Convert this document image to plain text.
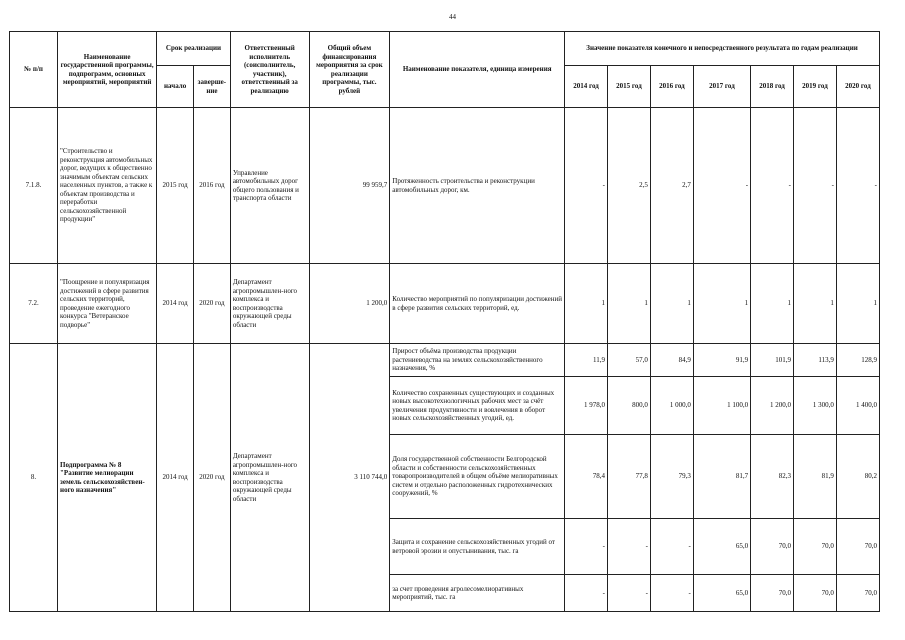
44
№ п/п	Наименование государственной программы, подпрограмм, основных мероприятий, мероприятий	Срок реализации		Ответственный исполнитель (соисполнитель, участник), ответственный за реализацию	Общий объем финансирования мероприятия за срок реализации программы, тыс. рублей	Наименование показателя, единица измерения	Значение показателя конечного и непосредственного результата по годам реализации						
		начало	заверше-ние				2014 год	2015 год	2016 год	2017 год	2018 год	2019 год	2020 год
7.1.8.	"Строительство и реконструкция автомобильных дорог, ведущих к общественно значимым объектам сельских населенных пунктов, а также к объектам производства и переработки сельскохозяйственной продукции"	2015 год	2016 год	Управление автомобильных дорог общего пользования и транспорта области	99 959,7	Протяженность строительства и реконструкции автомобильных дорог, км.	-	2,5	2,7	-	-	-	-
7.2.	"Поощрение и популяризация достижений в сфере развития сельских территорий, проведение ежегодного конкурса "Ветеранское подворье"	2014 год	2020 год	Департамент агропромышлен-ного комплекса и воспроизводства окружающей среды области	1 200,0	Количество мероприятий по популяризации достижений в сфере развития сельских территорий, ед.	1	1	1	1	1	1	1
8.	Подпрограмма № 8 "Развитие мелиорации земель сельскохозяйствен-ного назначения"	2014 год	2020 год	Департамент агропромышлен-ного комплекса и воспроизводства окружающей среды области	3 110 744,0	Прирост объёма производства продукции растениеводства на землях сельскохозяйственного назначения, %	11,9	57,0	84,9	91,9	101,9	113,9	128,9
						Количество сохраненных существующих и созданных новых высокотехнологичных рабочих мест за счёт увеличения продуктивности и вовлечения в оборот новых сельскохозяйственных угодий, ед.	1 978,0	800,0	1 000,0	1 100,0	1 200,0	1 300,0	1 400,0
						Доля государственной собственности Белгородской области и собственности сельскохозяйственных товаропроизводителей в общем объёме мелиоративных систем и отдельно расположенных гидротехнических сооружений, %	78,4	77,8	79,3	81,7	82,3	81,9	80,2
						Защита и сохранение сельскохозяйственных угодий от ветровой эрозии и опустынивания, тыс. га	-	-	-	65,0	70,0	70,0	70,0
						за счет проведения агролесомелиоративных мероприятий, тыс. га	-	-	-	65,0	70,0	70,0	70,0
